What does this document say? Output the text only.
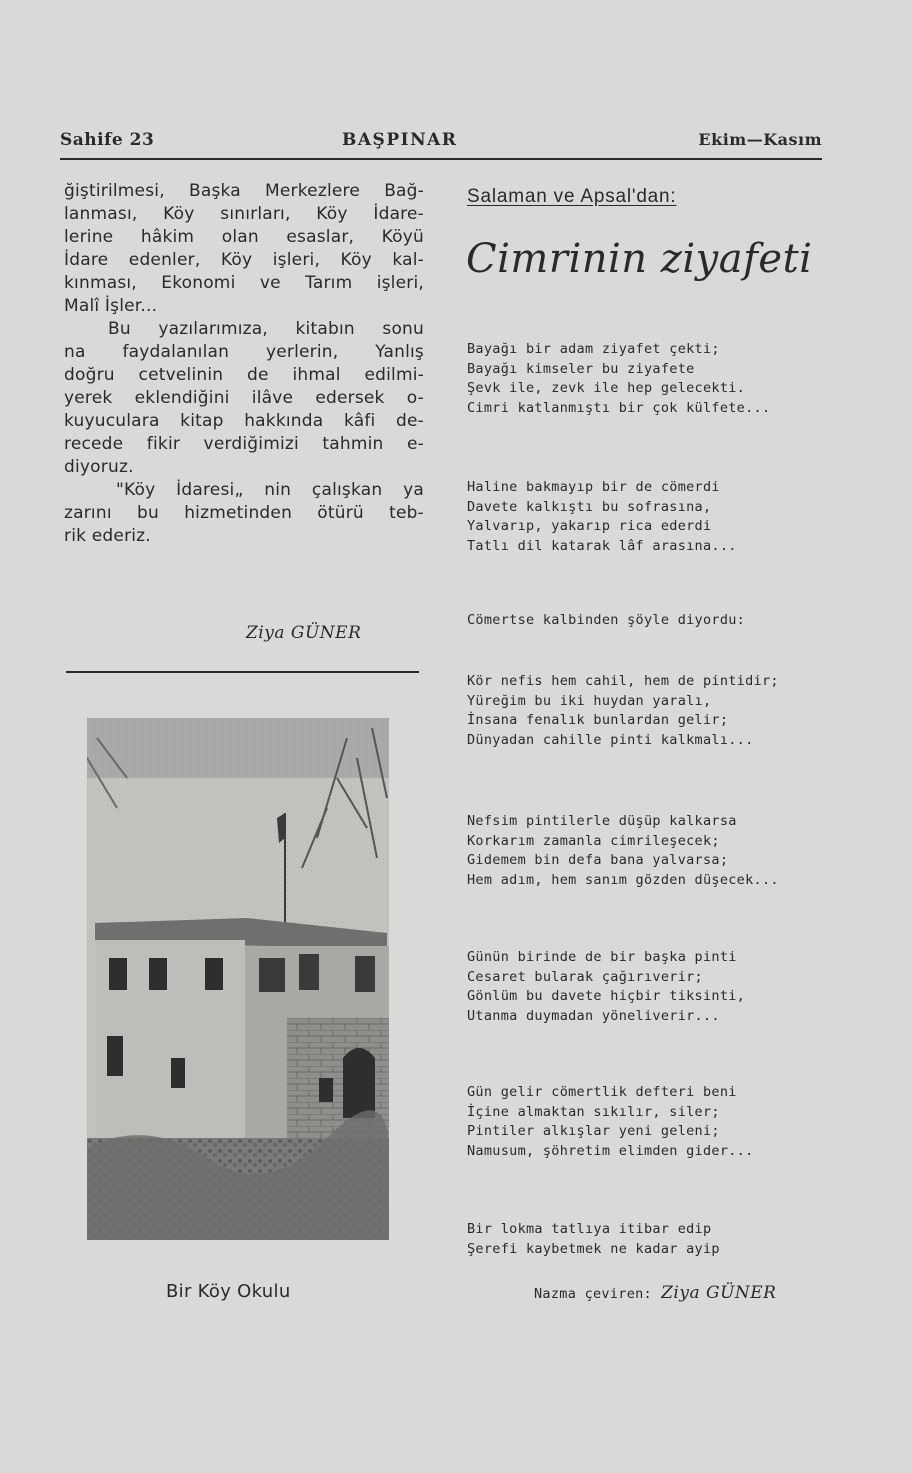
Sahife 23	BAŞPINAR	Ekim—Kasım
ğiştirilmesi, Başka Merkezlere Bağ-
lanması, Köy sınırları, Köy İdare-
lerine hâkim olan esaslar, Köyü
İdare edenler, Köy işleri, Köy kal-
kınması, Ekonomi ve Tarım işleri,
Malî İşler...
Bu yazılarımıza, kitabın sonu
na faydalanılan yerlerin, Yanlış
doğru cetvelinin de ihmal edilmi-
yerek eklendiğini ilâve edersek o-
kuyuculara kitap hakkında kâfi de-
recede fikir verdiğimizi tahmin e-
diyoruz.
"Köy İdaresi„ nin çalışkan ya
zarını bu hizmetinden ötürü teb-
rik ederiz.
Ziya GÜNER
Bir Köy Okulu
Salaman ve Apsal'dan:
Cimrinin ziyafeti
Bayağı bir adam ziyafet çekti;
Bayağı kimseler bu ziyafete
Şevk ile, zevk ile hep gelecekti.
Cimri katlanmıştı bir çok külfete...
Haline bakmayıp bir de cömerdi
Davete kalkıştı bu sofrasına,
Yalvarıp, yakarıp rica ederdi
Tatlı dil katarak lâf arasına...
Cömertse kalbinden şöyle diyordu:
Kör nefis hem cahil, hem de pintidir;
Yüreğim bu iki huydan yaralı,
İnsana fenalık bunlardan gelir;
Dünyadan cahille pinti kalkmalı...
Nefsim pintilerle düşüp kalkarsa
Korkarım zamanla cimrileşecek;
Gidemem bin defa bana yalvarsa;
Hem adım, hem sanım gözden düşecek...
Günün birinde de bir başka pinti
Cesaret bularak çağırıverir;
Gönlüm bu davete hiçbir tiksinti,
Utanma duymadan yöneliverir...
Gün gelir cömertlik defteri beni
İçine almaktan sıkılır, siler;
Pintiler alkışlar yeni geleni;
Namusum, şöhretim elimden gider...
Bir lokma tatlıya itibar edip
Şerefi kaybetmek ne kadar ayip
Nazma çeviren: Ziya GÜNER
